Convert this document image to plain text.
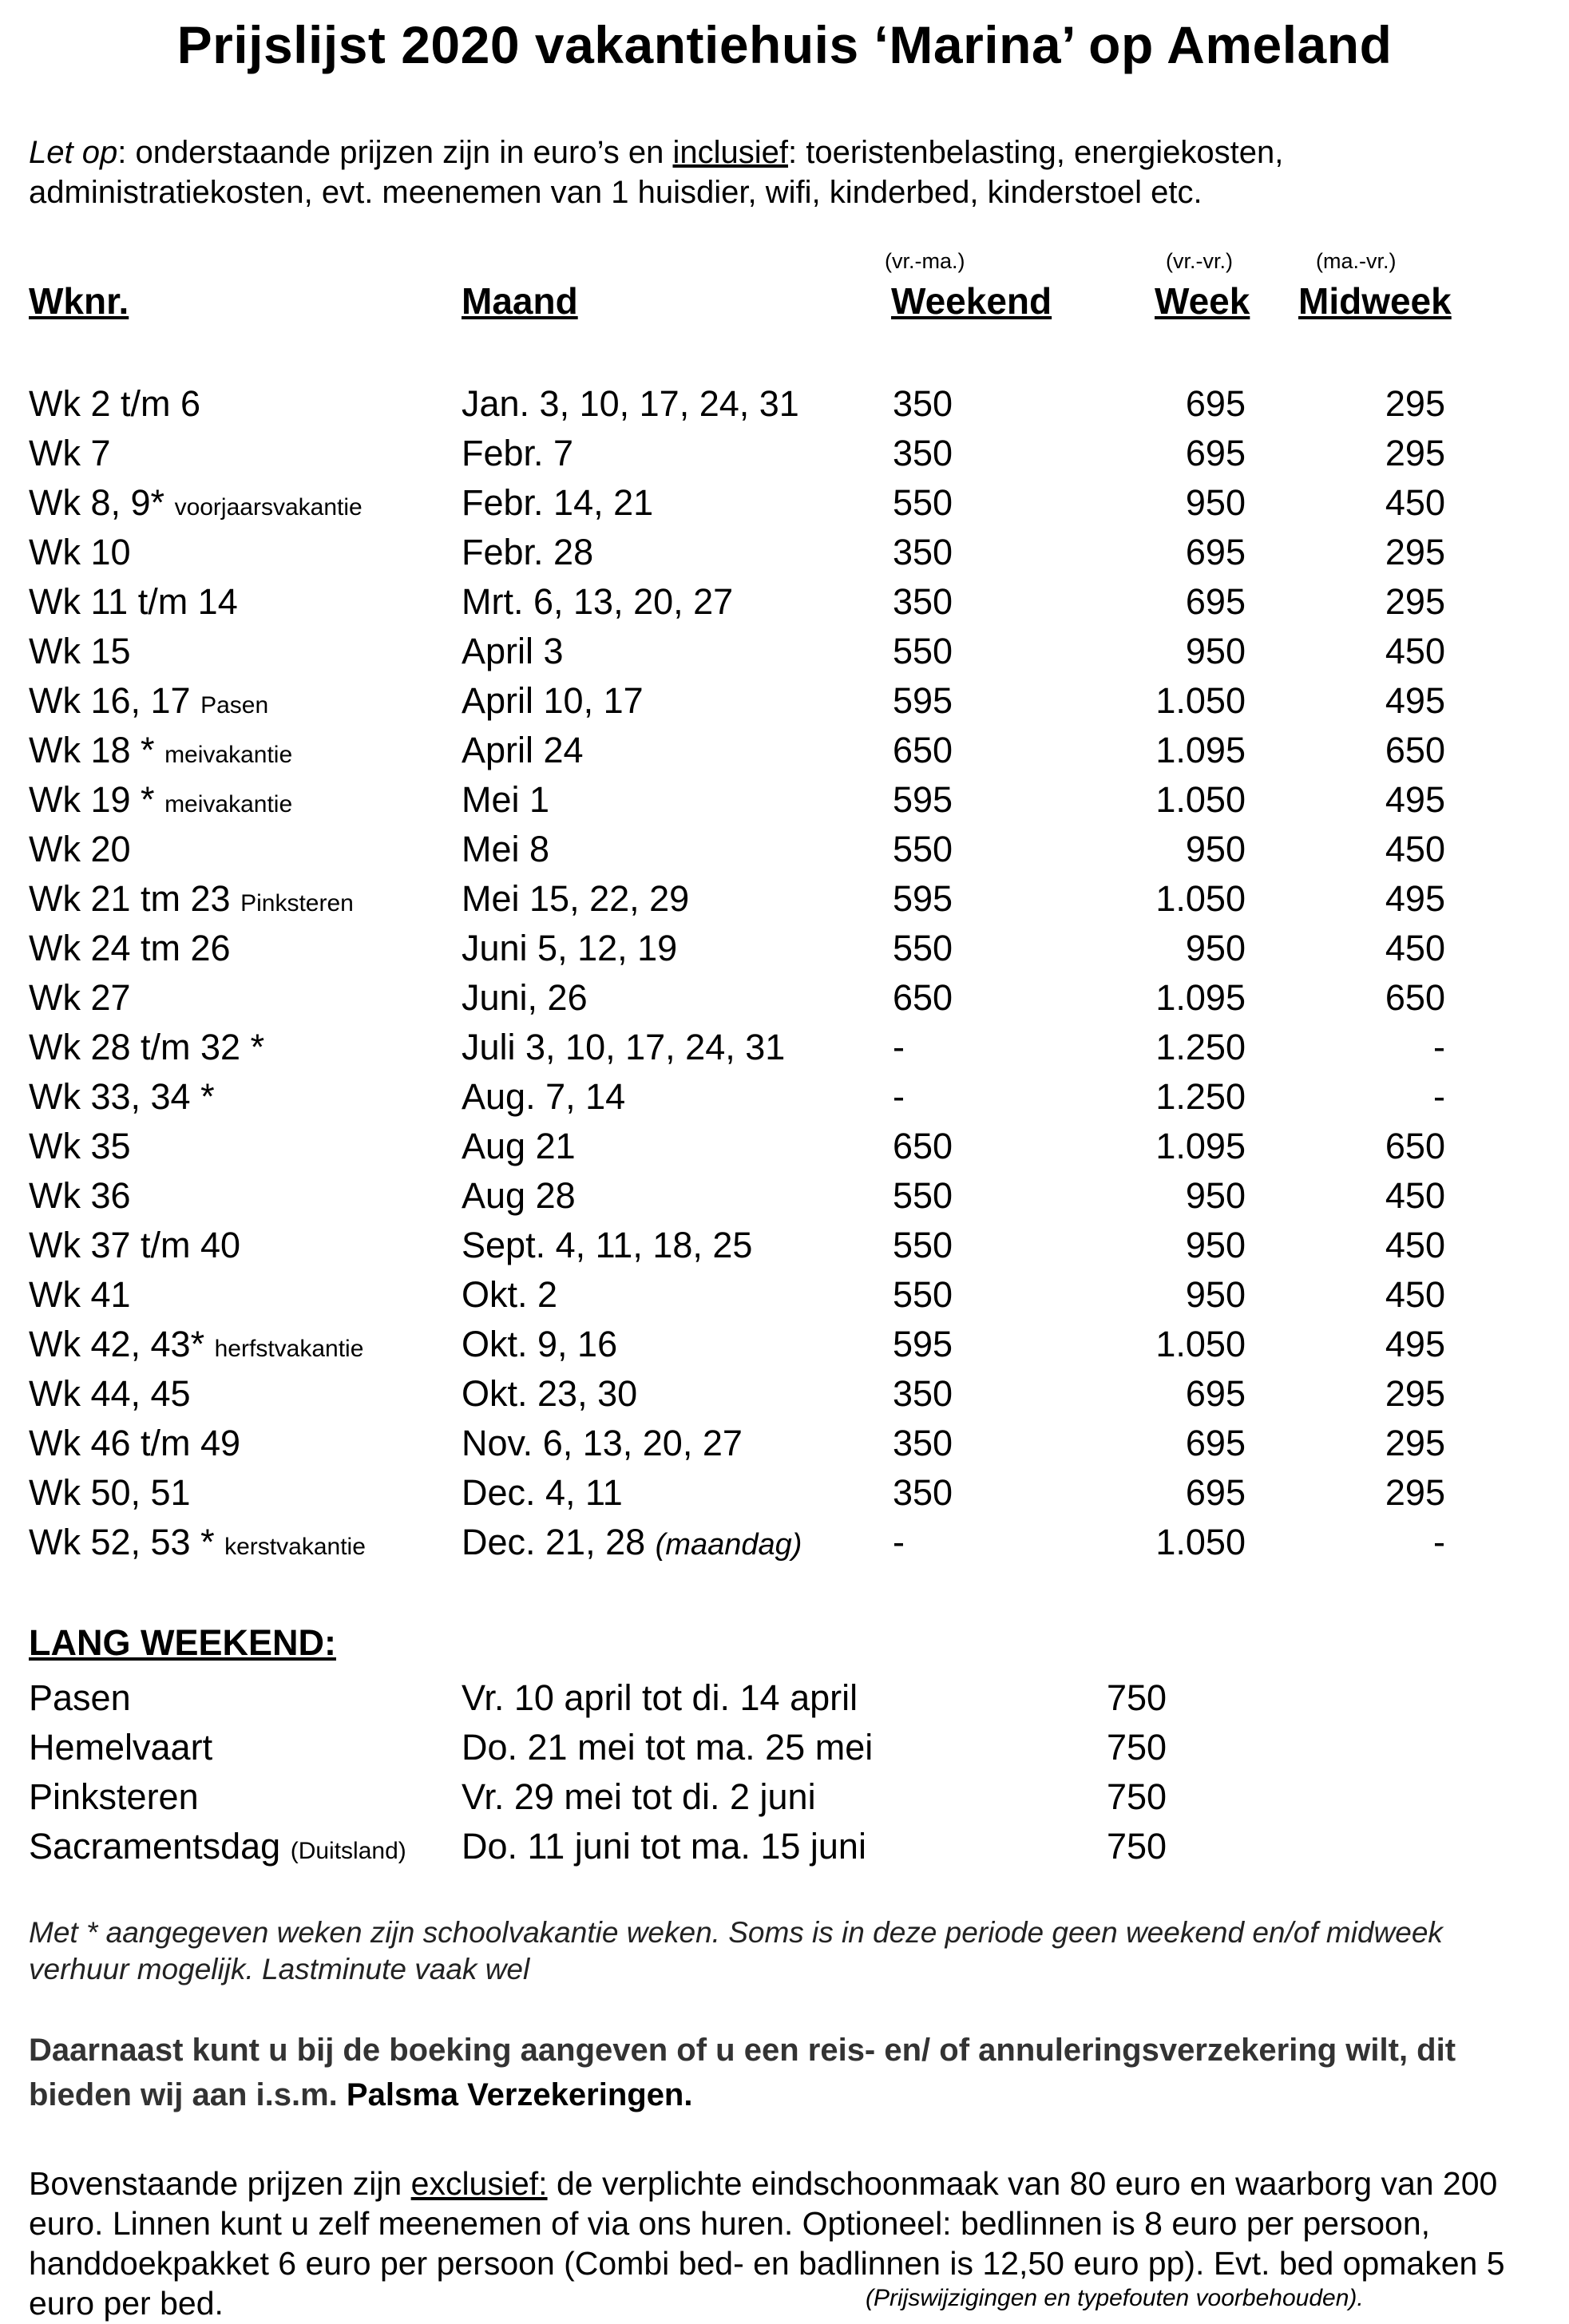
Prijslijst 2020 vakantiehuis ‘Marina’ op Ameland
Let op: onderstaande prijzen zijn in euro’s en inclusief: toeristenbelasting, energiekosten, administratiekosten, evt. meenemen van 1 huisdier, wifi, kinderbed, kinderstoel etc.
(vr.-ma.)	(vr.-vr.)	(ma.-vr.)
Wknr.	Maand	Weekend	Week Midweek
Wk 2 t/m 6	Jan. 3, 10, 17, 24, 31	350	695	295
Wk 7	Febr. 7	350	695	295
Wk 8, 9* voorjaarsvakantie	Febr. 14, 21	550	950	450
Wk 10	Febr. 28	350	695	295
Wk 11 t/m 14	Mrt. 6, 13, 20, 27	350	695	295
Wk 15	April 3	550	950	450
Wk 16, 17 Pasen	April 10, 17	595	1.050	495
Wk 18 * meivakantie	April 24	650	1.095	650
Wk 19 * meivakantie	Mei 1	595	1.050	495
Wk 20	Mei 8	550	950	450
Wk 21 tm 23 Pinksteren	Mei 15, 22, 29	595	1.050	495
Wk 24 tm 26	Juni 5, 12, 19	550	950	450
Wk 27	Juni, 26	650	1.095	650
Wk 28 t/m 32 *	Juli 3, 10, 17, 24, 31	-	1.250	-
Wk 33, 34 *	Aug. 7, 14	-	1.250	-
Wk 35	Aug 21	650	1.095	650
Wk 36	Aug 28	550	950	450
Wk 37 t/m 40	Sept. 4, 11, 18, 25	550	950	450
Wk 41	Okt. 2	550	950	450
Wk 42, 43* herfstvakantie	Okt. 9, 16	595	1.050	495
Wk 44, 45	Okt. 23, 30	350	695	295
Wk 46 t/m 49	Nov. 6, 13, 20, 27	350	695	295
Wk 50, 51	Dec. 4, 11	350	695	295
Wk 52, 53 * kerstvakantie	Dec. 21, 28 (maandag)	-	1.050	-
LANG WEEKEND:
Pasen	Vr. 10 april tot di. 14 april	750
Hemelvaart	Do. 21 mei tot ma. 25 mei	750
Pinksteren	Vr. 29 mei tot di. 2 juni	750
Sacramentsdag (Duitsland) Do. 11 juni tot ma. 15 juni	750
Met * aangegeven weken zijn schoolvakantie weken. Soms is in deze periode geen weekend en/of midweek verhuur mogelijk. Lastminute vaak wel
Daarnaast kunt u bij de boeking aangeven of u een reis- en/ of annuleringsverzekering wilt, dit bieden wij aan i.s.m. Palsma Verzekeringen.
Bovenstaande prijzen zijn exclusief: de verplichte eindschoonmaak van 80 euro en waarborg van 200 euro. Linnen kunt u zelf meenemen of via ons huren. Optioneel: bedlinnen is 8 euro per persoon, handdoekpakket 6 euro per persoon (Combi bed- en badlinnen is 12,50 euro pp). Evt. bed opmaken 5 euro per bed.	(Prijswijzigingen en typefouten voorbehouden).
